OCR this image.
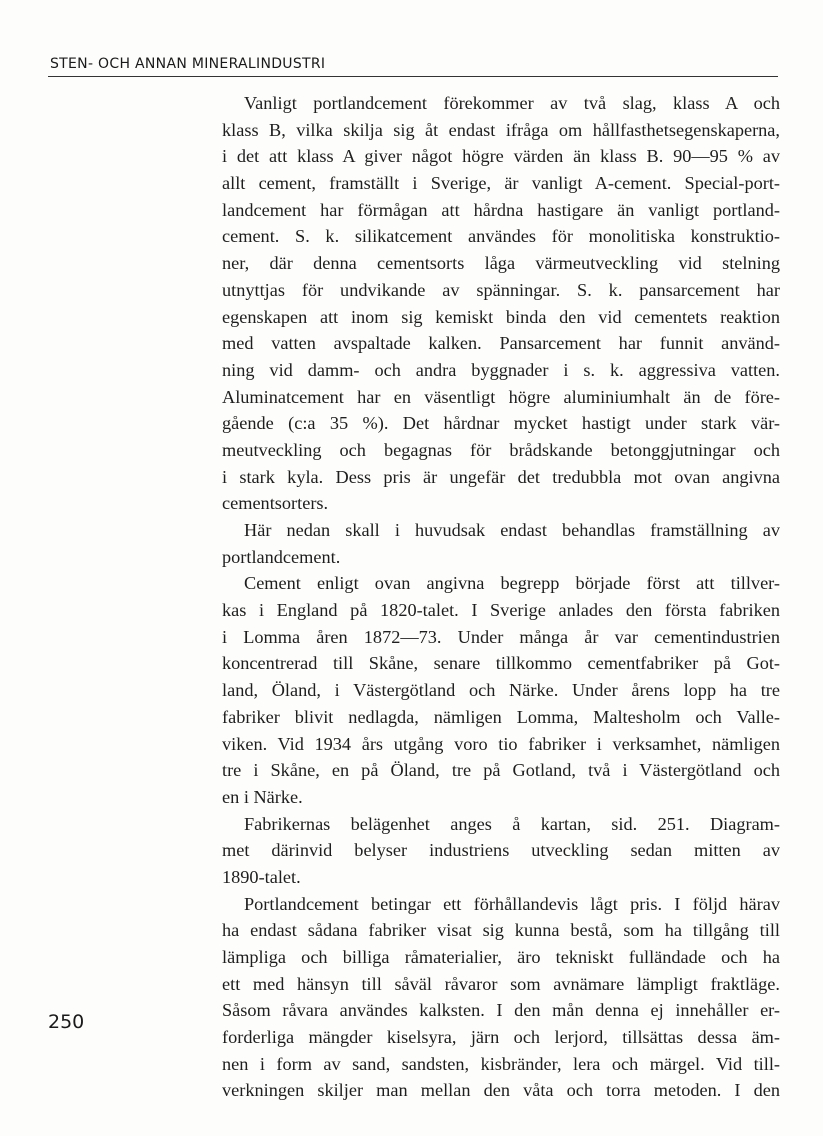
STEN- OCH ANNAN MINERALINDUSTRI

Vanligt portlandcement förekommer av två slag, klass A och
klass B, vilka skilja sig åt endast ifråga om hållfasthetsegenskaperna,
i det att klass A giver något högre värden än klass B. 90—95 % av
allt cement, framställt i Sverige, är vanligt A-cement. Special-port-
landcement har förmågan att hårdna hastigare än vanligt portland-
cement. S. k. silikatcement användes för monolitiska konstruktio-
ner, där denna cementsorts låga värmeutveckling vid stelning
utnyttjas för undvikande av spänningar. S. k. pansarcement har
egenskapen att inom sig kemiskt binda den vid cementets reaktion
med vatten avspaltade kalken. Pansarcement har funnit använd-
ning vid damm- och andra byggnader i s. k. aggressiva vatten.
Aluminatcement har en väsentligt högre aluminiumhalt än de före-
gående (c:a 35 %). Det hårdnar mycket hastigt under stark vär-
meutveckling och begagnas för brådskande betonggjutningar och
i stark kyla. Dess pris är ungefär det tredubbla mot ovan angivna
cementsorters.
Här nedan skall i huvudsak endast behandlas framställning av
portlandcement.
Cement enligt ovan angivna begrepp började först att tillver-
kas i England på 1820-talet. I Sverige anlades den första fabriken
i Lomma åren 1872—73. Under många år var cementindustrien
koncentrerad till Skåne, senare tillkommo cementfabriker på Got-
land, Öland, i Västergötland och Närke. Under årens lopp ha tre
fabriker blivit nedlagda, nämligen Lomma, Maltesholm och Valle-
viken. Vid 1934 års utgång voro tio fabriker i verksamhet, nämligen
tre i Skåne, en på Öland, tre på Gotland, två i Västergötland och
en i Närke.
Fabrikernas belägenhet anges å kartan, sid. 251. Diagram-
met därinvid belyser industriens utveckling sedan mitten av
1890-talet.
Portlandcement betingar ett förhållandevis lågt pris. I följd härav
ha endast sådana fabriker visat sig kunna bestå, som ha tillgång till
lämpliga och billiga råmaterialier, äro tekniskt fulländade och ha
ett med hänsyn till såväl råvaror som avnämare lämpligt fraktläge.
Såsom råvara användes kalksten. I den mån denna ej innehåller er-
forderliga mängder kiselsyra, järn och lerjord, tillsättas dessa äm-
nen i form av sand, sandsten, kisbränder, lera och märgel. Vid till-
verkningen skiljer man mellan den våta och torra metoden. I den

250
